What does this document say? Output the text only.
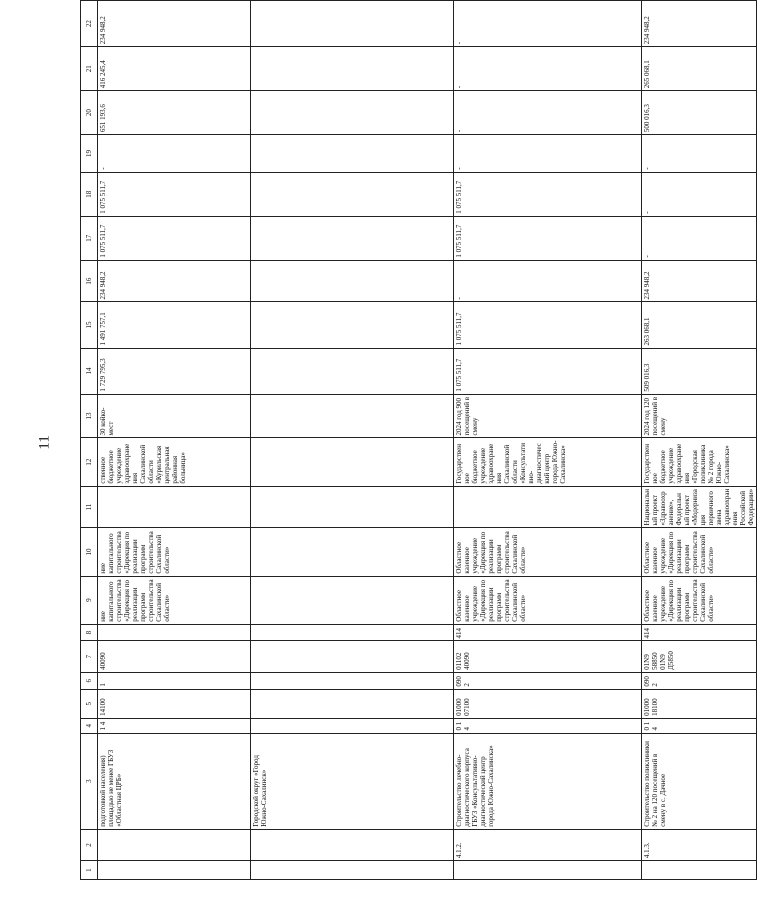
11
1	2	3	4	5	6	7	8	9	10	11	12	13	14	15	16	17	18	19	20	21	22
		подготовкой населения) площадью не менее ГБУЗ «Областная ЦРБ»	1 4	14100	1	40090		ние капитального строительства «Дирекция по реализации программ строительства Сахалинской области»	ние капитального строительства «Дирекция по реализации программ строительства Сахалинской области»		ственное бюджетное учреждение здравоохранения Сахалинской области «Курильская центральная районная больница»	30 койко-мест	1 729 795,3	1 491 757,1	234 948,2	1 075 511,7	1 075 511,7	-	651 193,6	416 245,4	234 948,2
		Городской округ «Город Южно-Сахалинск»																			
	4.1.2.	Строительство лечебно-диагностического корпуса ГБУЗ «Консультативно-диагностический центр города Южно-Сахалинска»	0 1 4	01000 07100	090 2	01102 40090	414	Областное казенное учреждение «Дирекция по реализации программ строительства Сахалинской области»	Областное казенное учреждение «Дирекция по реализации программ строительства Сахалинской области»		Государственное бюджетное учреждение здравоохранения Сахалинской области «Консультативно-диагностический центр города Южно-Сахалинска»	2024 год 900 посещений в смену	1 075 511,7	1 075 511,7	-	1 075 511,7	1 075 511,7	-	-	-	-
	4.1.3.	Строительство поликлиники № 2 на 120 посещений в смену в с. Дачное	0 1 4	01000 18100	090 2	01N9 58850 01N9 Д5850	414	Областное казенное учреждение «Дирекция по реализации программ строительства Сахалинской области»	Областное казенное учреждение «Дирекция по реализации программ строительства Сахалинской области»	Национальный проект «Здравоохранение», Федеральный проект «Модернизация первичного звена здравоохранения Российской Федерации»	Государственное бюджетное учреждение здравоохранения «Городская поликлиника № 2 города Южно-Сахалинска»	2024 год 120 посещений в смену	509 016,3	263 068,1	234 948,2	-	-	-	500 016,3	265 068,1	234 948,2
